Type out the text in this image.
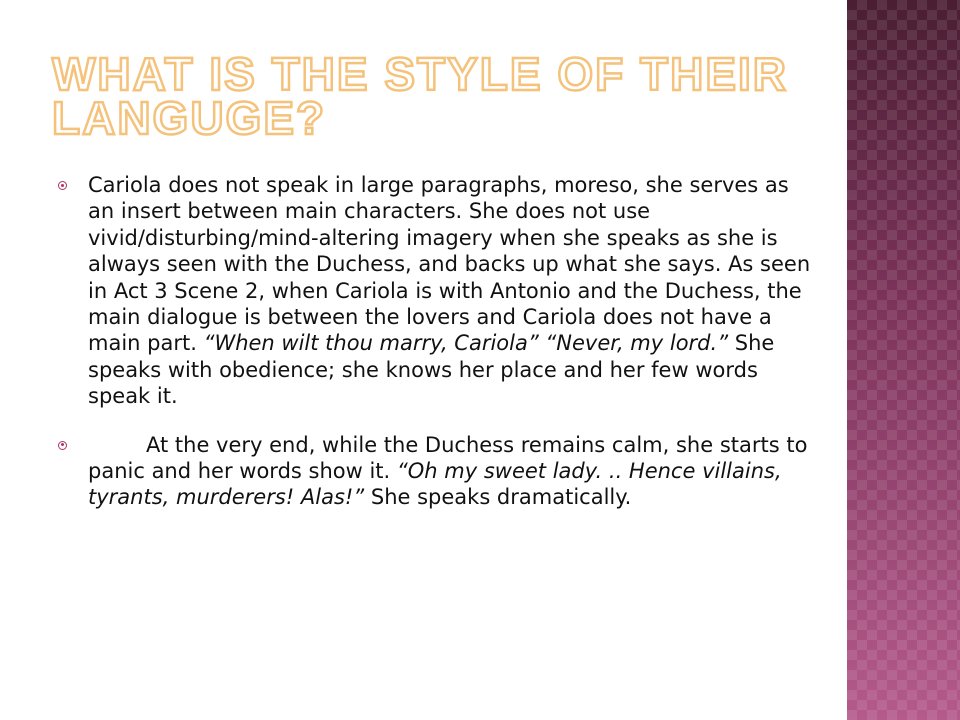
WHAT IS THE STYLE OF THEIR LANGUGE?
Cariola does not speak in large paragraphs, moreso, she serves as an insert between main characters. She does not use vivid/disturbing/mind-altering imagery when she speaks as she is always seen with the Duchess, and backs up what she says. As seen in Act 3 Scene 2, when Cariola is with Antonio and the Duchess, the main dialogue is between the lovers and Cariola does not have a main part. “When wilt thou marry, Cariola” “Never, my lord.” She speaks with obedience; she knows her place and her few words speak it.
At the very end, while the Duchess remains calm, she starts to panic and her words show it. “Oh my sweet lady. .. Hence villains, tyrants, murderers! Alas!” She speaks dramatically.
